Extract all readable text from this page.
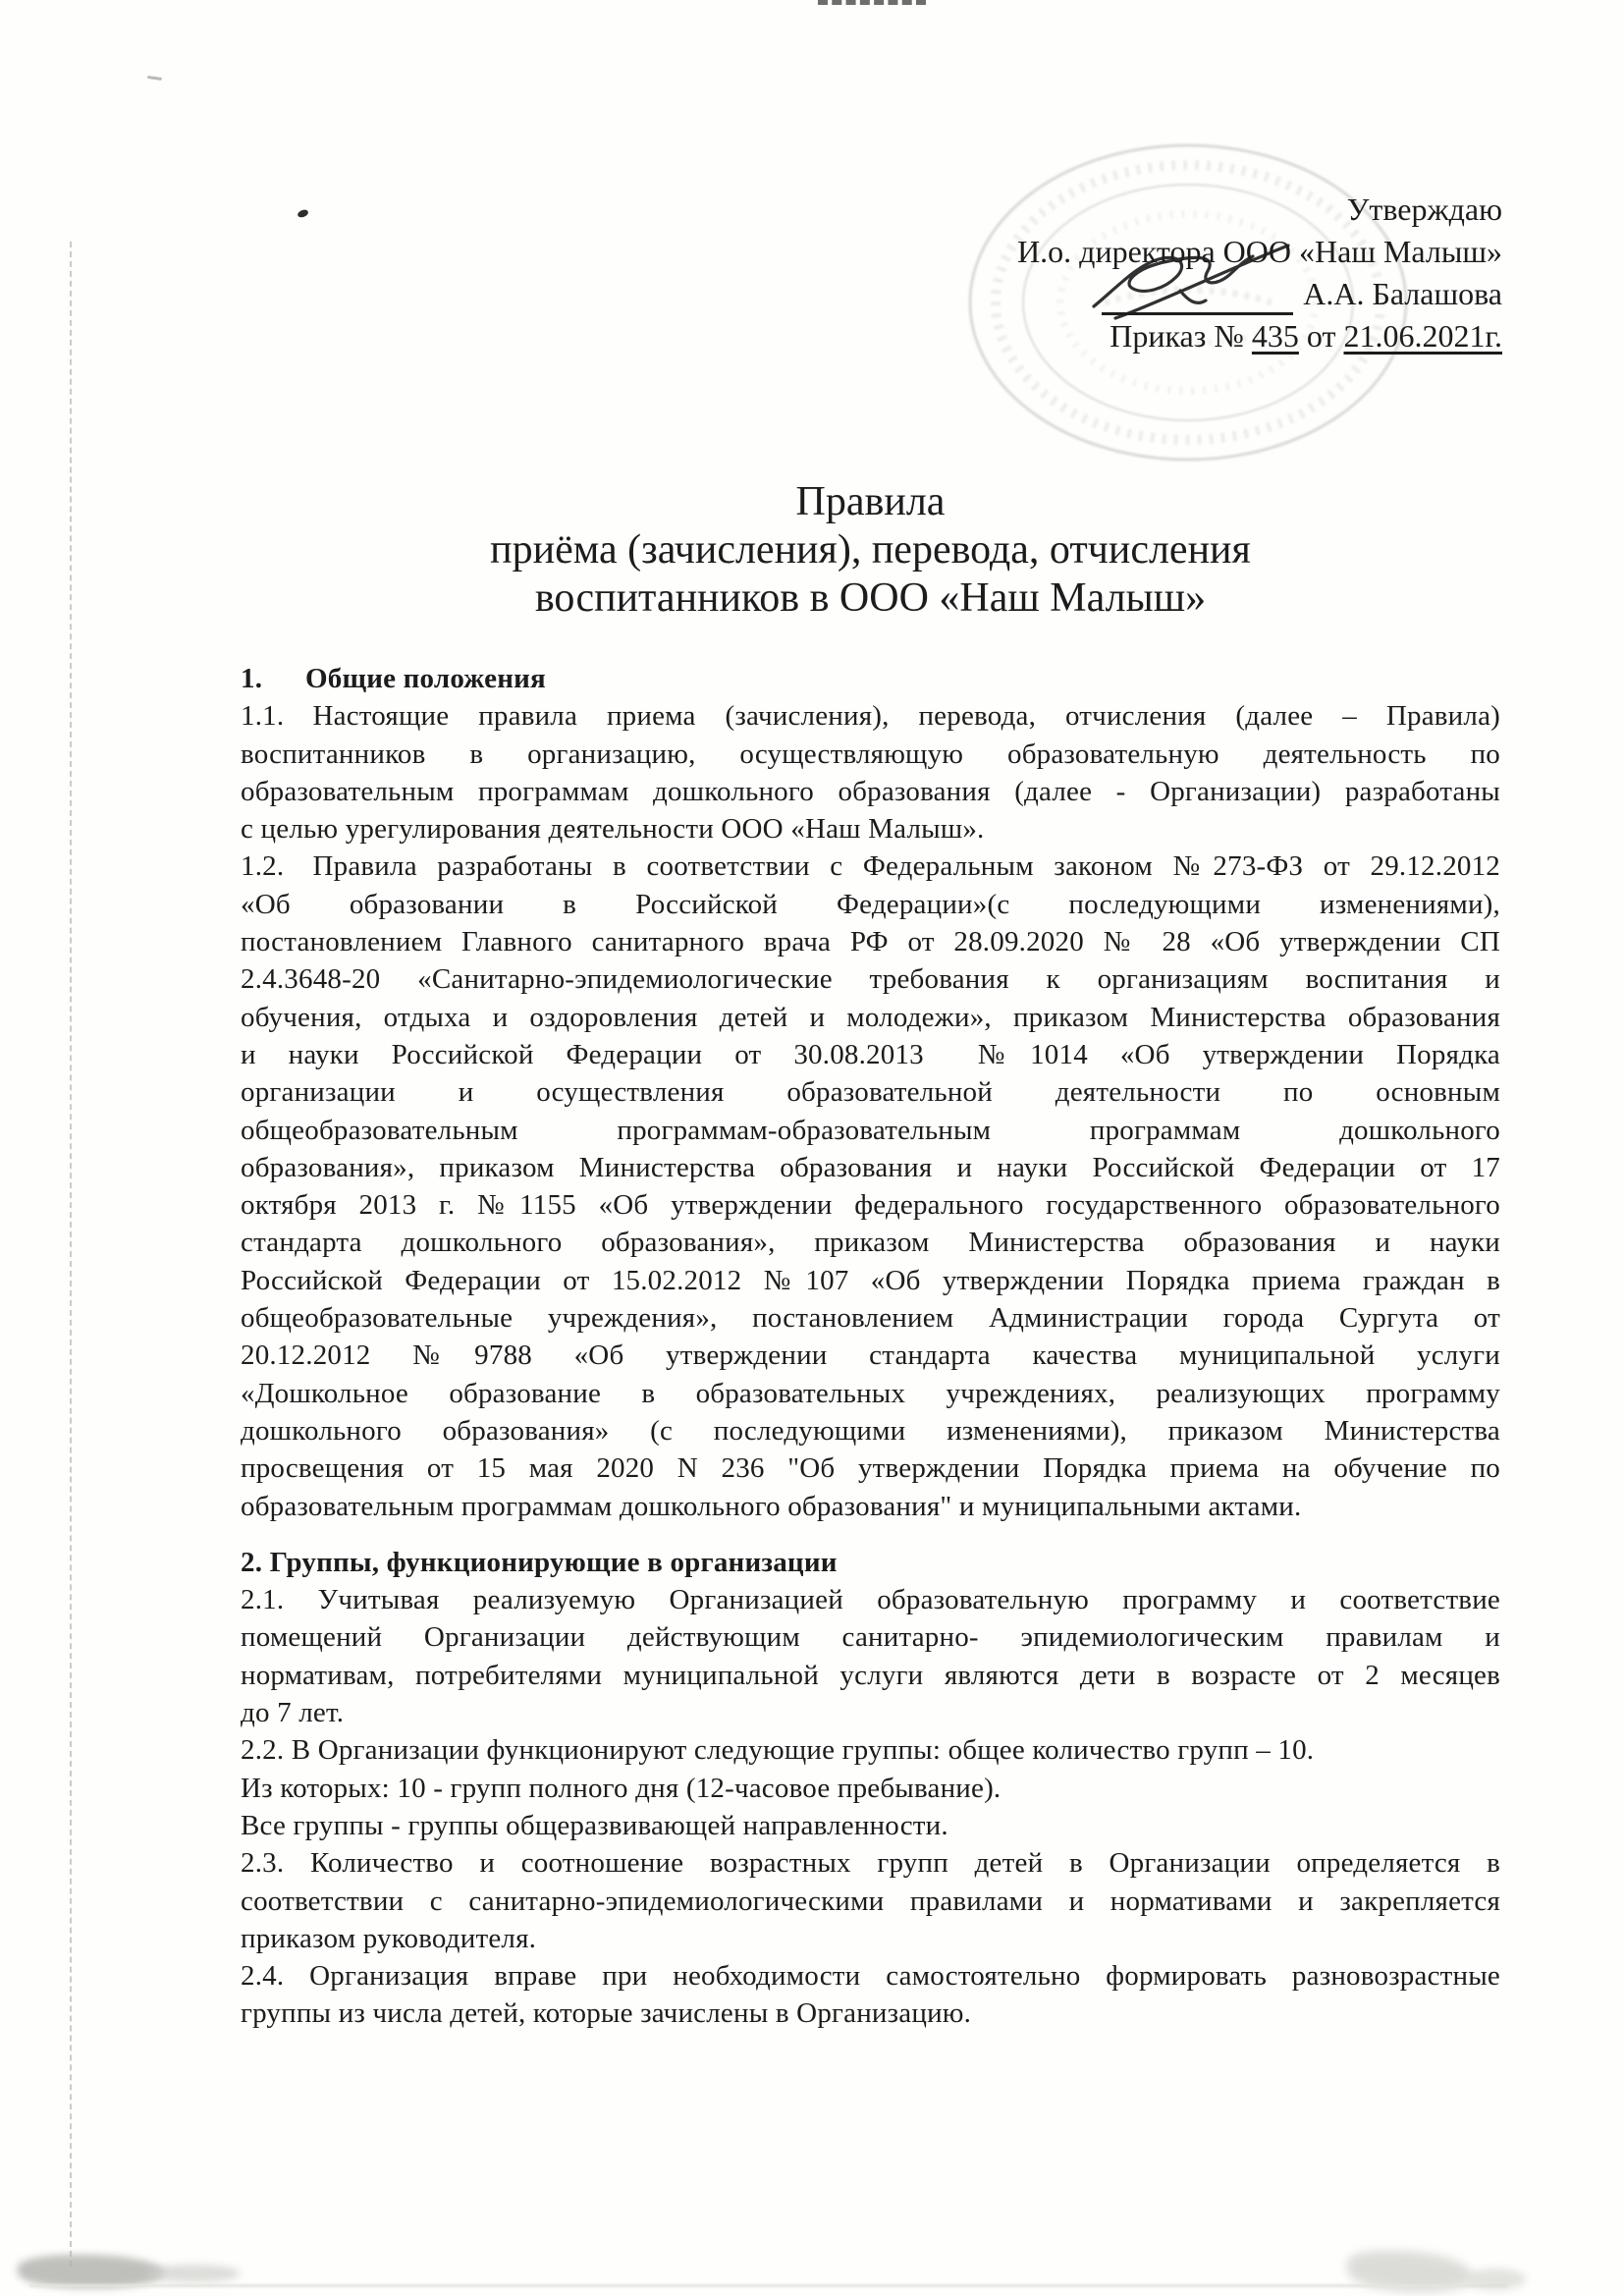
Утверждаю
И.о. директора ООО «Наш Малыш»
А.А. Балашова
Приказ № 435 от 21.06.2021г.
Правила
приёма (зачисления), перевода, отчисления
воспитанников в ООО «Наш Малыш»
1.  Общие положения
1.1. Настоящие правила приема (зачисления), перевода, отчисления (далее – Правила)
воспитанников в организацию, осуществляющую образовательную деятельность по
образовательным программам дошкольного образования (далее - Организации) разработаны
с целью урегулирования деятельности ООО «Наш Малыш».
1.2. Правила разработаны в соответствии с Федеральным законом №273-ФЗ от 29.12.2012
«Об образовании в Российской Федерации»(с последующими изменениями),
постановлением Главного санитарного врача РФ от 28.09.2020 № 28 «Об утверждении СП
2.4.3648-20 «Санитарно-эпидемиологические требования к организациям воспитания и
обучения, отдыха и оздоровления детей и молодежи», приказом Министерства образования
и науки Российской Федерации от 30.08.2013  №1014 «Об утверждении Порядка
организации и осуществления образовательной деятельности по основным
общеобразовательным программам-образовательным программам дошкольного
образования», приказом Министерства образования и науки Российской Федерации от 17
октября 2013 г. №1155 «Об утверждении федерального государственного образовательного
стандарта дошкольного образования», приказом Министерства образования и науки
Российской Федерации от 15.02.2012 №107 «Об утверждении Порядка приема граждан в
общеобразовательные учреждения», постановлением Администрации города Сургута от
20.12.2012 №9788 «Об утверждении стандарта качества муниципальной услуги
«Дошкольное образование в образовательных учреждениях, реализующих программу
дошкольного образования» (с последующими изменениями), приказом Министерства
просвещения от 15 мая 2020 N 236 "Об утверждении Порядка приема на обучение по
образовательным программам дошкольного образования" и муниципальными актами.
2. Группы, функционирующие в организации
2.1. Учитывая реализуемую Организацией образовательную программу и соответствие
помещений Организации действующим санитарно- эпидемиологическим правилам и
нормативам, потребителями муниципальной услуги являются дети в возрасте от 2 месяцев
до 7 лет.
2.2. В Организации функционируют следующие группы: общее количество групп – 10.
Из которых: 10 - групп полного дня (12-часовое пребывание).
Все группы - группы общеразвивающей направленности.
2.3. Количество и соотношение возрастных групп детей в Организации определяется в
соответствии с санитарно-эпидемиологическими правилами и нормативами и закрепляется
приказом руководителя.
2.4. Организация вправе при необходимости самостоятельно формировать разновозрастные
группы из числа детей, которые зачислены в Организацию.
